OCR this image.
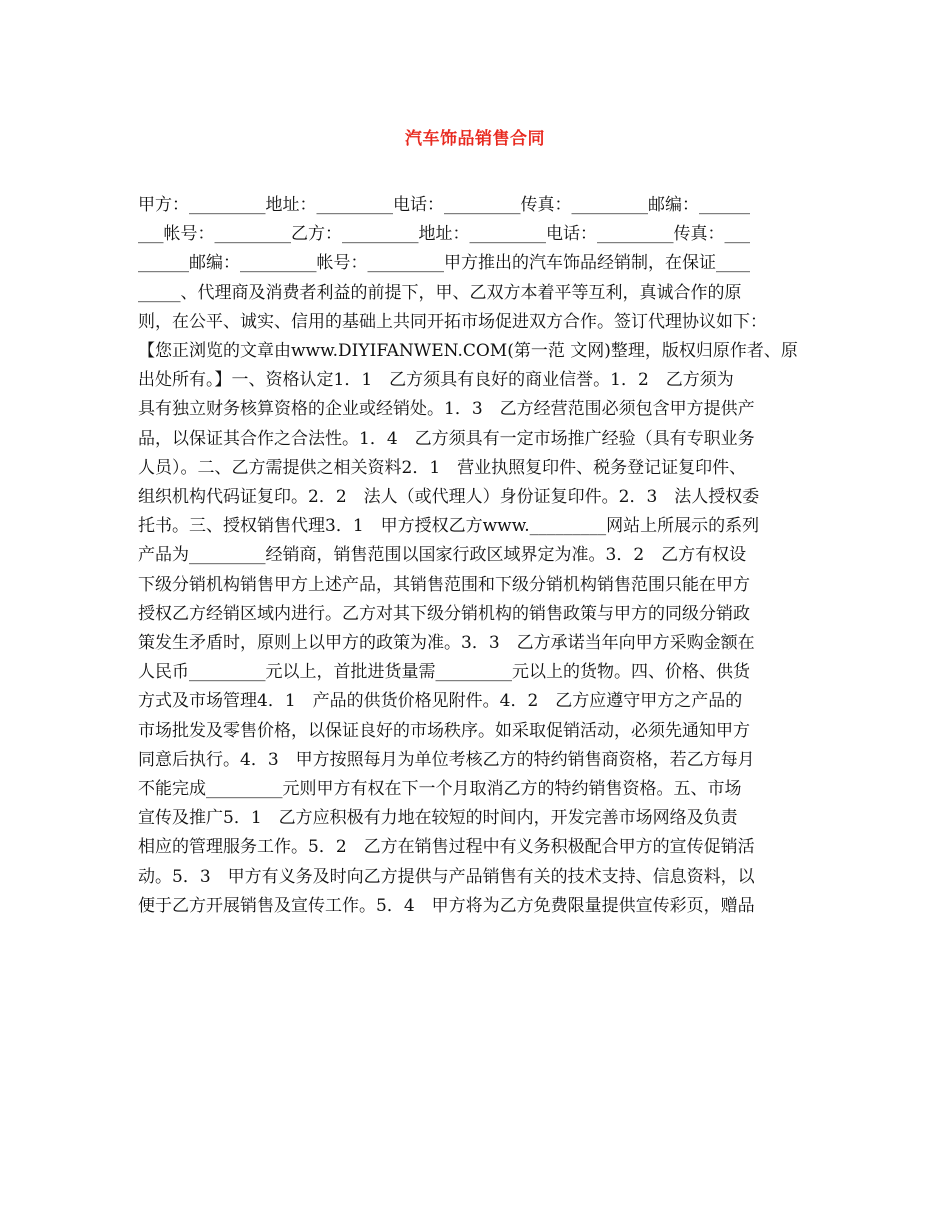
汽车饰品销售合同
甲方：_________地址：_________电话：_________传真：_________邮编：______
___帐号：_________乙方：_________地址：_________电话：_________传真：___
______邮编：_________帐号：_________甲方推出的汽车饰品经销制，在保证____
_____、代理商及消费者利益的前提下，甲、乙双方本着平等互利，真诚合作的原
则，在公平、诚实、信用的基础上共同开拓市场促进双方合作。签订代理协议如下：
【您正浏览的文章由www.DIYIFANWEN.COM(第一范 文网)整理，版权归原作者、原
出处所有。】一、资格认定1．1　乙方须具有良好的商业信誉。1．2　乙方须为
具有独立财务核算资格的企业或经销处。1．3　乙方经营范围必须包含甲方提供产
品，以保证其合作之合法性。1．4　乙方须具有一定市场推广经验（具有专职业务
人员）。二、乙方需提供之相关资料2．1　营业执照复印件、税务登记证复印件、
组织机构代码证复印。2．2　法人（或代理人）身份证复印件。2．3　法人授权委
托书。三、授权销售代理3．1　甲方授权乙方www._________网站上所展示的系列
产品为_________经销商，销售范围以国家行政区域界定为准。3．2　乙方有权设
下级分销机构销售甲方上述产品，其销售范围和下级分销机构销售范围只能在甲方
授权乙方经销区域内进行。乙方对其下级分销机构的销售政策与甲方的同级分销政
策发生矛盾时，原则上以甲方的政策为准。3．3　乙方承诺当年向甲方采购金额在
人民币_________元以上，首批进货量需_________元以上的货物。四、价格、供货
方式及市场管理4．1　产品的供货价格见附件。4．2　乙方应遵守甲方之产品的
市场批发及零售价格，以保证良好的市场秩序。如采取促销活动，必须先通知甲方
同意后执行。4．3　甲方按照每月为单位考核乙方的特约销售商资格，若乙方每月
不能完成_________元则甲方有权在下一个月取消乙方的特约销售资格。五、市场
宣传及推广5．1　乙方应积极有力地在较短的时间内，开发完善市场网络及负责
相应的管理服务工作。5．2　乙方在销售过程中有义务积极配合甲方的宣传促销活
动。5．3　甲方有义务及时向乙方提供与产品销售有关的技术支持、信息资料，以
便于乙方开展销售及宣传工作。5．4　甲方将为乙方免费限量提供宣传彩页，赠品
